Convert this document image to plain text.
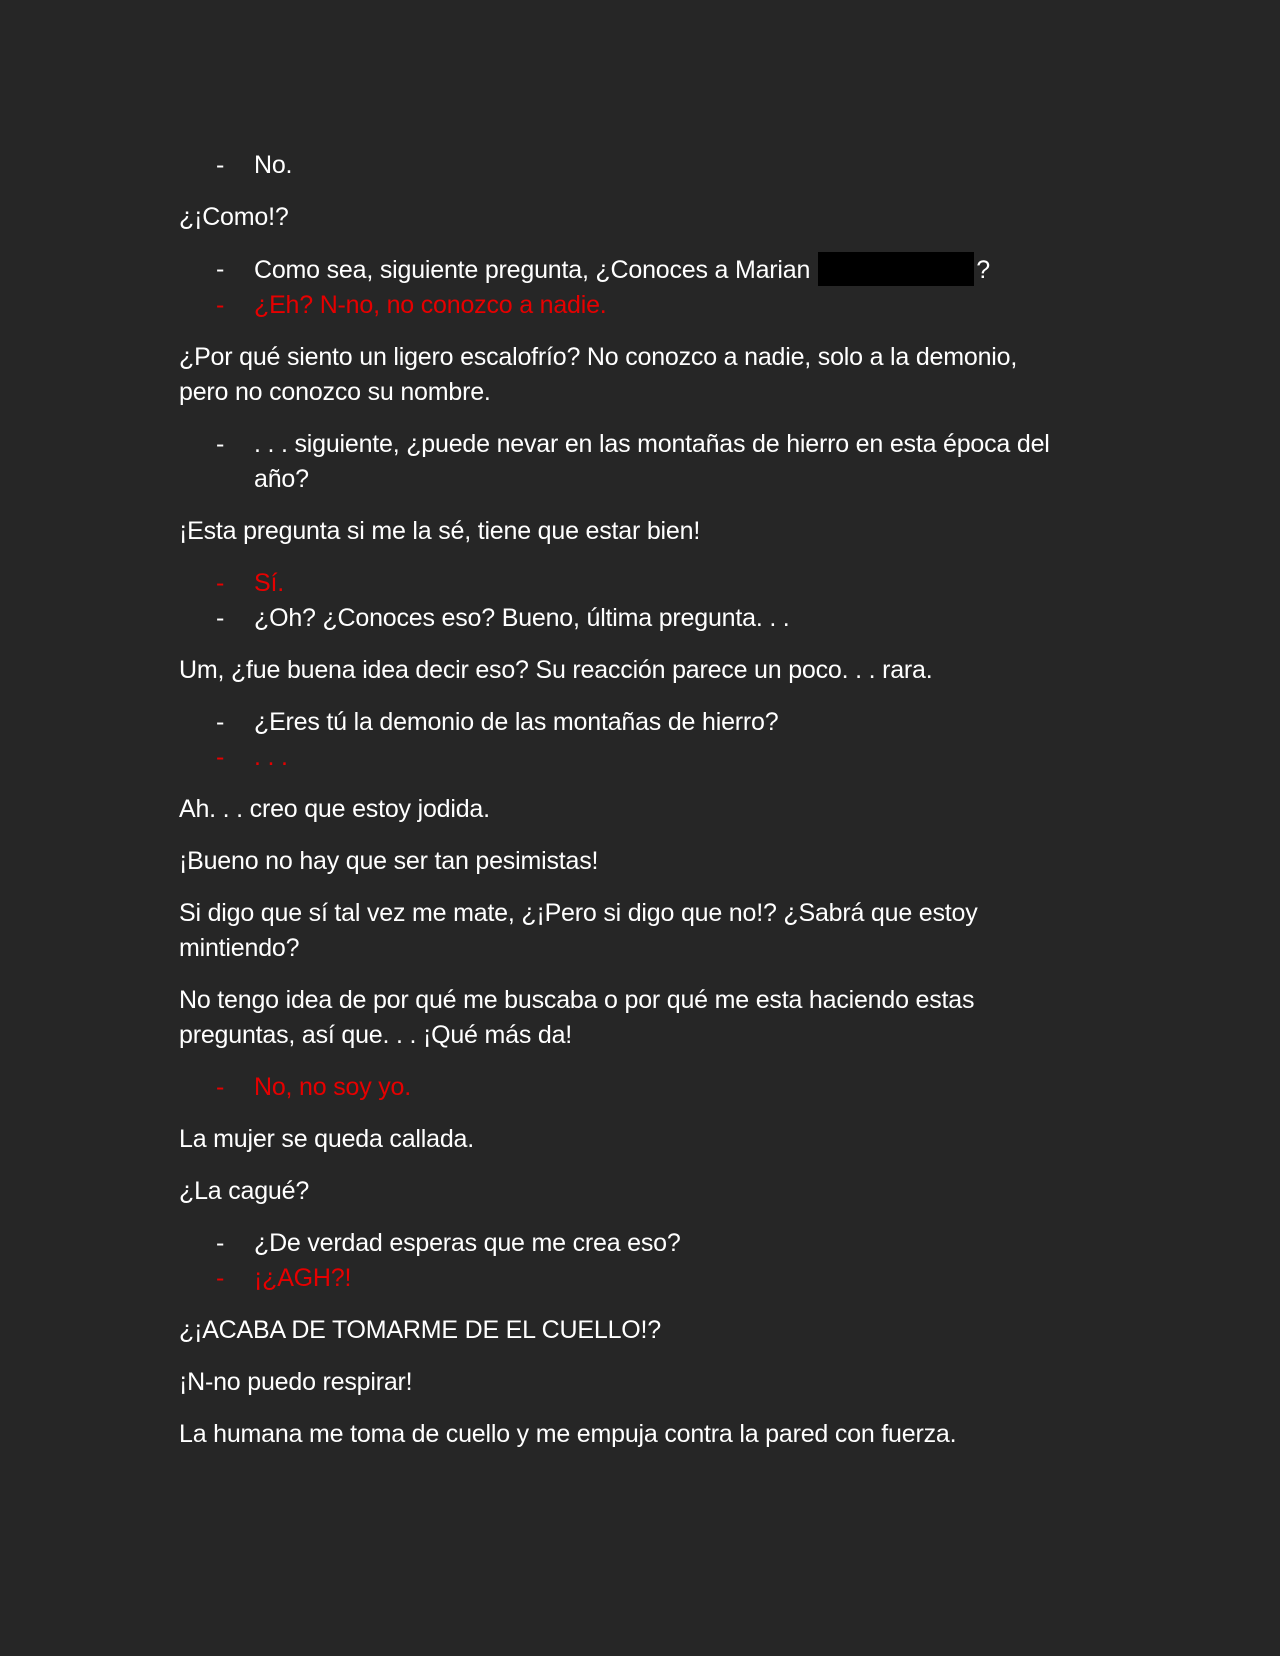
- No.

¿¡Como!?

- Como sea, siguiente pregunta, ¿Conoces a Marian	?
- ¿Eh? N-no, no conozco a nadie.

¿Por qué siento un ligero escalofrío? No conozco a nadie, solo a la demonio, pero no conozco su nombre.

- . . . siguiente, ¿puede nevar en las montañas de hierro en esta época del año?

¡Esta pregunta si me la sé, tiene que estar bien!

- Sí.
- ¿Oh? ¿Conoces eso? Bueno, última pregunta. . .

Um, ¿fue buena idea decir eso? Su reacción parece un poco. . . rara.

- ¿Eres tú la demonio de las montañas de hierro?
- . . .

Ah. . . creo que estoy jodida.

¡Bueno no hay que ser tan pesimistas!

Si digo que sí tal vez me mate, ¿¡Pero si digo que no!? ¿Sabrá que estoy mintiendo?

No tengo idea de por qué me buscaba o por qué me esta haciendo estas preguntas, así que. . . ¡Qué más da!

- No, no soy yo.

La mujer se queda callada.

¿La cagué?

- ¿De verdad esperas que me crea eso?
- ¡¿AGH?!

¿¡ACABA DE TOMARME DE EL CUELLO!?

¡N-no puedo respirar!

La humana me toma de cuello y me empuja contra la pared con fuerza.
